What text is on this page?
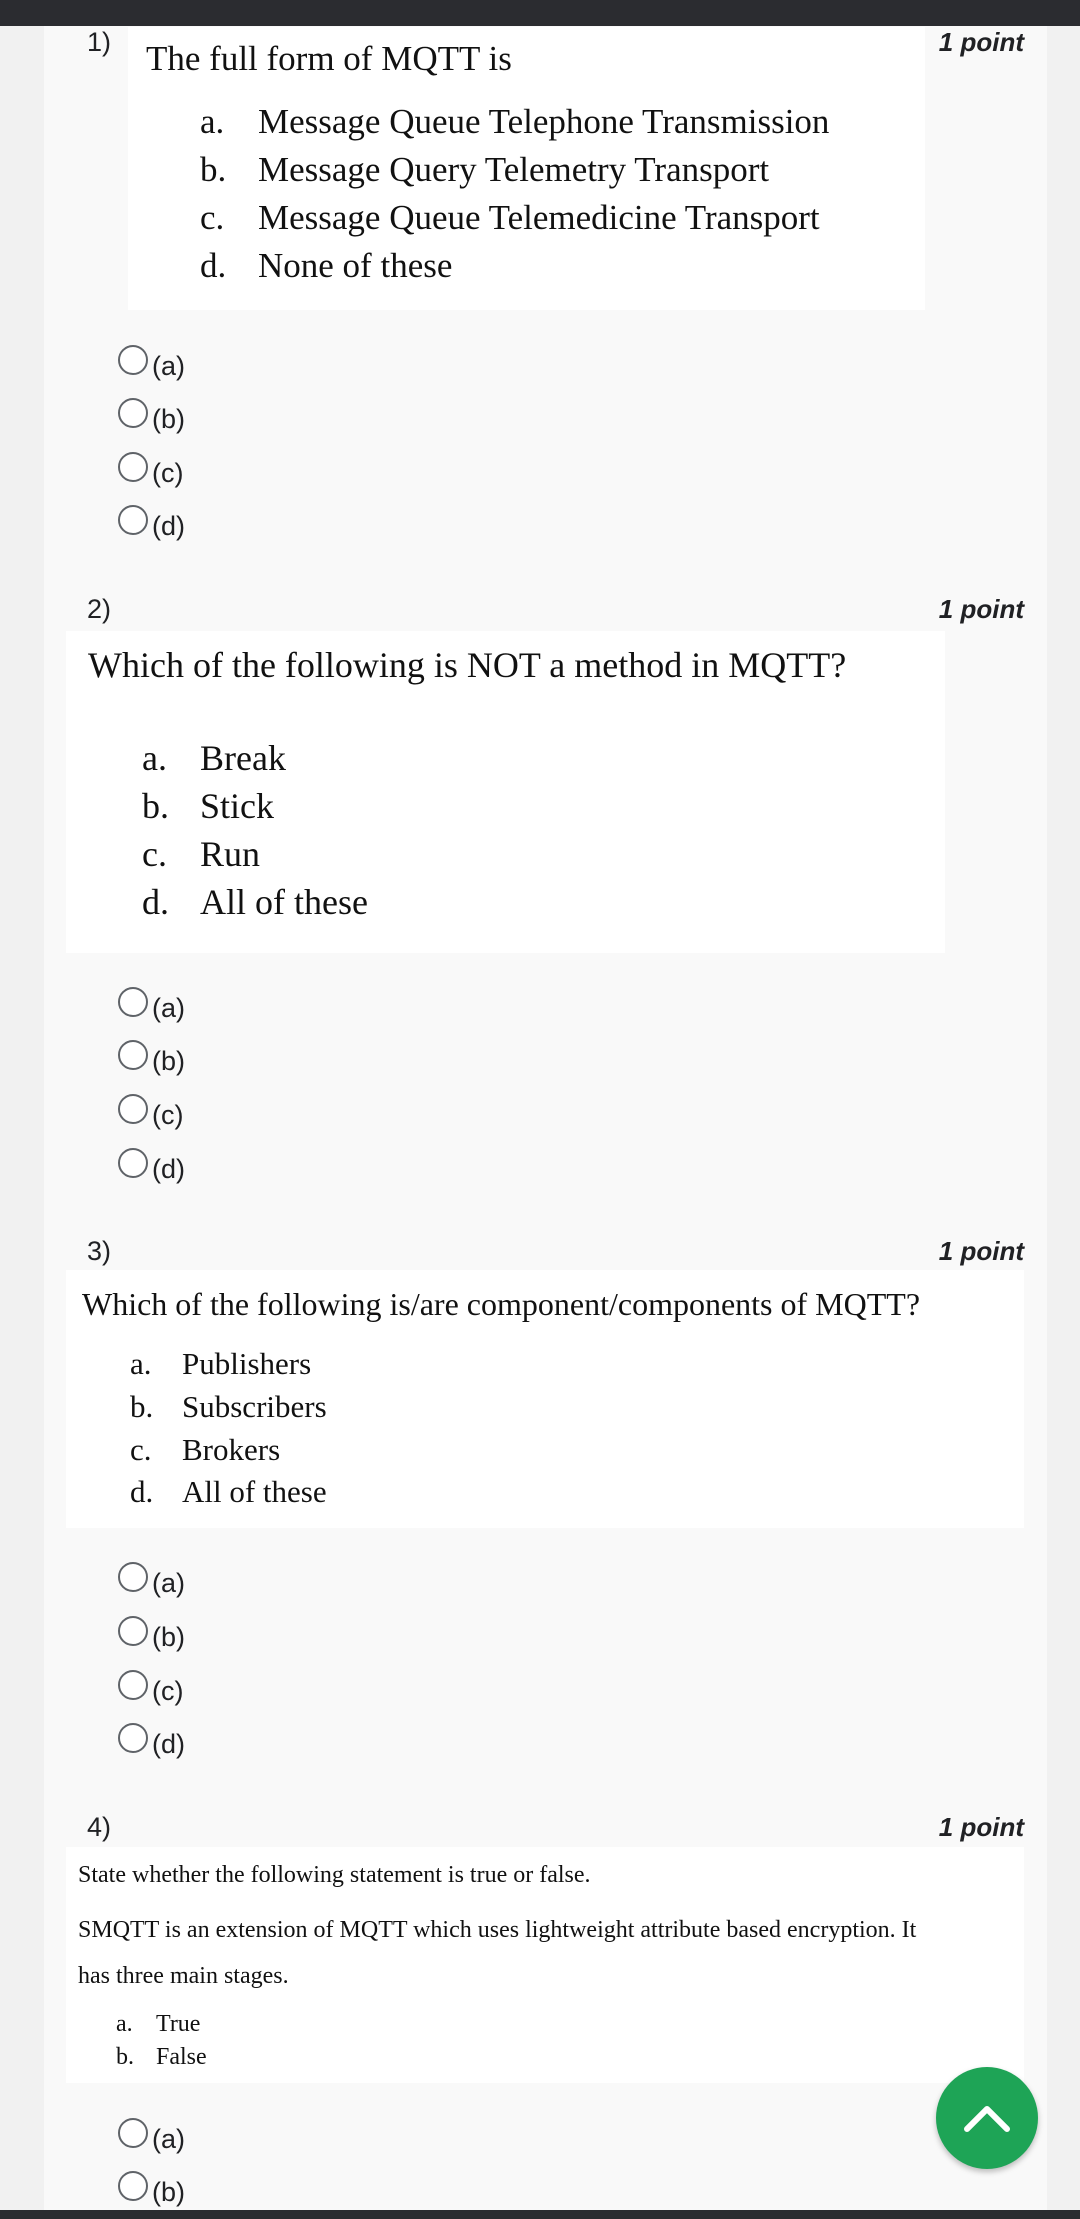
1)	1 point
The full form of MQTT is
a. Message Queue Telephone Transmission
b. Message Query Telemetry Transport
c. Message Queue Telemedicine Transport
d. None of these
(a)
(b)
(c)
(d)
2)	1 point
Which of the following is NOT a method in MQTT?
a. Break
b. Stick
c. Run
d. All of these
(a)
(b)
(c)
(d)
3)	1 point
Which of the following is/are component/components of MQTT?
a. Publishers
b. Subscribers
c. Brokers
d. All of these
(a)
(b)
(c)
(d)
4)	1 point
State whether the following statement is true or false.
SMQTT is an extension of MQTT which uses lightweight attribute based encryption. It
has three main stages.
a. True
b. False
(a)
(b)
